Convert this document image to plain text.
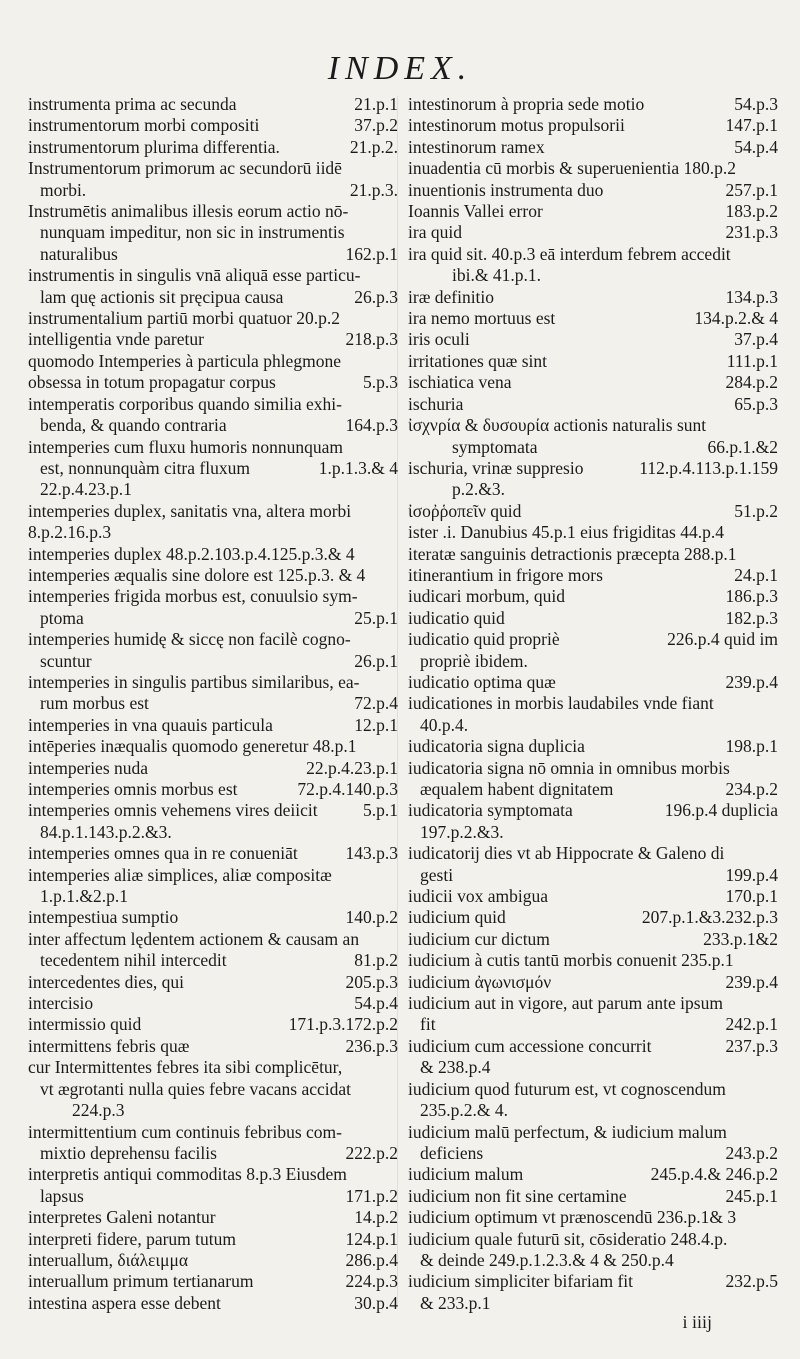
INDEX.
21.p.1
instrumenta prima ac secunda
37.p.2
instrumentorum morbi compositi
21.p.2.
instrumentorum plurima differentia.
Instrumentorum primorum ac secundorū iidē
21.p.3.
morbi.
Instrumētis animalibus illesis eorum actio nō-
nunquam impeditur, non sic in instrumentis
162.p.1
naturalibus
instrumentis in singulis vnā aliquā esse particu-
26.p.3
lam quę actionis sit pręcipua causa
instrumentalium partiū morbi quatuor 20.p.2
218.p.3
intelligentia vnde paretur
quomodo Intemperies à particula phlegmone
5.p.3
obsessa in totum propagatur corpus
intemperatis corporibus quando similia exhi-
164.p.3
benda, & quando contraria
intemperies cum fluxu humoris nonnunquam
1.p.1.3.& 4
est, nonnunquàm citra fluxum
22.p.4.23.p.1
intemperies duplex, sanitatis vna, altera morbi
8.p.2.16.p.3
intemperies duplex 48.p.2.103.p.4.125.p.3.& 4
intemperies æqualis sine dolore est 125.p.3. & 4
intemperies frigida morbus est, conuulsio sym-
25.p.1
ptoma
intemperies humidę & siccę non facilè cogno-
26.p.1
scuntur
intemperies in singulis partibus similaribus, ea-
72.p.4
rum morbus est
12.p.1
intemperies in vna quauis particula
intēperies inæqualis quomodo generetur 48.p.1
22.p.4.23.p.1
intemperies nuda
72.p.4.140.p.3
intemperies omnis morbus est
5.p.1
intemperies omnis vehemens vires deiicit
84.p.1.143.p.2.&3.
143.p.3
intemperies omnes qua in re conueniāt
intemperies aliæ simplices, aliæ compositæ
1.p.1.&2.p.1
140.p.2
intempestiua sumptio
inter affectum lędentem actionem & causam an
81.p.2
tecedentem nihil intercedit
205.p.3
intercedentes dies, qui
54.p.4
intercisio
171.p.3.172.p.2
intermissio quid
236.p.3
intermittens febris quæ
cur Intermittentes febres ita sibi complicētur,
vt ægrotanti nulla quies febre vacans accidat
224.p.3
intermittentium cum continuis febribus com-
222.p.2
mixtio deprehensu facilis
interpretis antiqui commoditas 8.p.3 Eiusdem
171.p.2
lapsus
14.p.2
interpretes Galeni notantur
124.p.1
interpreti fidere, parum tutum
286.p.4
interuallum, διάλειμμα
224.p.3
interuallum primum tertianarum
30.p.4
intestina aspera esse debent
54.p.3
intestinorum à propria sede motio
147.p.1
intestinorum motus propulsorii
54.p.4
intestinorum ramex
inuadentia cū morbis & superuenientia 180.p.2
257.p.1
inuentionis instrumenta duo
183.p.2
Ioannis Vallei error
231.p.3
ira quid
ira quid sit. 40.p.3 eā interdum febrem accedit
ibi.& 41.p.1.
134.p.3
iræ definitio
134.p.2.& 4
ira nemo mortuus est
37.p.4
iris oculi
111.p.1
irritationes quæ sint
284.p.2
ischiatica vena
65.p.3
ischuria
ἰσχνρία & δυσουρία actionis naturalis sunt
66.p.1.&2
symptomata
112.p.4.113.p.1.159
ischuria, vrinæ suppresio
p.2.&3.
51.p.2
ἰσοῤῥοπεῖν quid
ister .i. Danubius 45.p.1 eius frigiditas 44.p.4
iteratæ sanguinis detractionis præcepta 288.p.1
24.p.1
itinerantium in frigore mors
186.p.3
iudicari morbum, quid
182.p.3
iudicatio quid
226.p.4 quid im
iudicatio quid propriè
propriè ibidem.
239.p.4
iudicatio optima quæ
iudicationes in morbis laudabiles vnde fiant
40.p.4.
198.p.1
iudicatoria signa duplicia
iudicatoria signa nō omnia in omnibus morbis
234.p.2
æqualem habent dignitatem
196.p.4 duplicia
iudicatoria symptomata
197.p.2.&3.
iudicatorij dies vt ab Hippocrate & Galeno di
199.p.4
gesti
170.p.1
iudicii vox ambigua
207.p.1.&3.232.p.3
iudicium quid
233.p.1&2
iudicium cur dictum
iudicium à cutis tantū morbis conuenit 235.p.1
239.p.4
iudicium ἀγωνισμόν
iudicium aut in vigore, aut parum ante ipsum
242.p.1
fit
237.p.3
iudicium cum accessione concurrit
& 238.p.4
iudicium quod futurum est, vt cognoscendum
235.p.2.& 4.
iudicium malū perfectum, & iudicium malum
243.p.2
deficiens
245.p.4.& 246.p.2
iudicium malum
245.p.1
iudicium non fit sine certamine
iudicium optimum vt prænoscendū 236.p.1& 3
iudicium quale futurū sit, cōsideratio 248.4.p.
& deinde 249.p.1.2.3.& 4 & 250.p.4
232.p.5
iudicium simpliciter bifariam fit
& 233.p.1
i iiij
